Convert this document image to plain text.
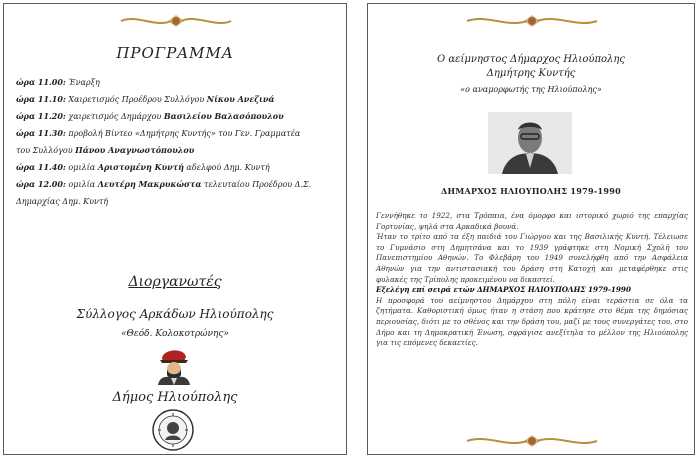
ΠΡΟΓΡΑΜΜΑ
ώρα 11.00: Έναρξη
ώρα 11.10: Χαιρετισμός Προέδρου Συλλόγου Νίκου Ανεζινά
ώρα 11.20: χαιρετισμός Δημάρχου Βασιλείου Βαλασόπουλου
ώρα 11.30: προβολή Βίντεο «Δημήτρης Κυντής» του Γεν. Γραμματέα
του Συλλόγου Πάνου Αναγνωστόπουλου
ώρα 11.40: ομιλία Αριστομένη Κυντή αδελφού Δημ. Κυντή
ώρα 12.00: ομιλία Λευτέρη Μακρυκώστα τελευταίου Προέδρου Δ.Σ.
Δημαρχίας Δημ. Κυντή
Διοργανωτές
Σύλλογος Αρκάδων Ηλιούπολης
«Θεόδ. Κολοκοτρώνης»
Δήμος Ηλιούπολης
Ο αείμνηστος Δήμαρχος Ηλιούπολης
Δημήτρης Κυντής
«ο αναμορφωτής της Ηλιούπολης»
ΔΗΜΑΡΧΟΣ ΗΛΙΟΥΠΟΛΗΣ 1979-1990

Γεννήθηκε το 1922, στα Τρόπαια, ένα όμορφο και ιστορικό χωριό της επαρχίας Γορτυνίας, ψηλά στα Αρκαδικά βουνά.

Ήταν το τρίτο από τα έξη παιδιά του Γιώργου και της Βασιλικής Κυντή. Τέλειωσε το Γυμνάσιο στη Δημητσάνα και το 1939 γράφτηκε στη Νομική Σχολή του Πανεπιστημίου Αθηνών. Το Φλεβάρη του 1949 συνελήφθη από την Ασφάλεια Αθηνών για την αντιστασιακή του δράση στη Κατοχή και μεταφέρθηκε στις φυλακές της Τρίπολης προκειμένου να δικαστεί.

Εξελέγη επί σειρά ετών ΔΗΜΑΡΧΟΣ ΗΛΙΟΥΠΟΛΗΣ 1979-1990

Η προσφορά του αείμνηστου Δημάρχου στη πόλη είναι τεράστια σε όλα τα ζητήματα. Καθοριστική όμως ήταν η στάση που κράτησε στο θέμα της δημόσιας περιουσίας, διότι με το σθένος και την δράση του, μαζί με τους συνεργάτες του, στο Δήμο και τη Δημοκρατική Ένωση, σφράγισε ανεξίτηλα το μέλλον της Ηλιούπολης για τις επόμενες δεκαετίες.
